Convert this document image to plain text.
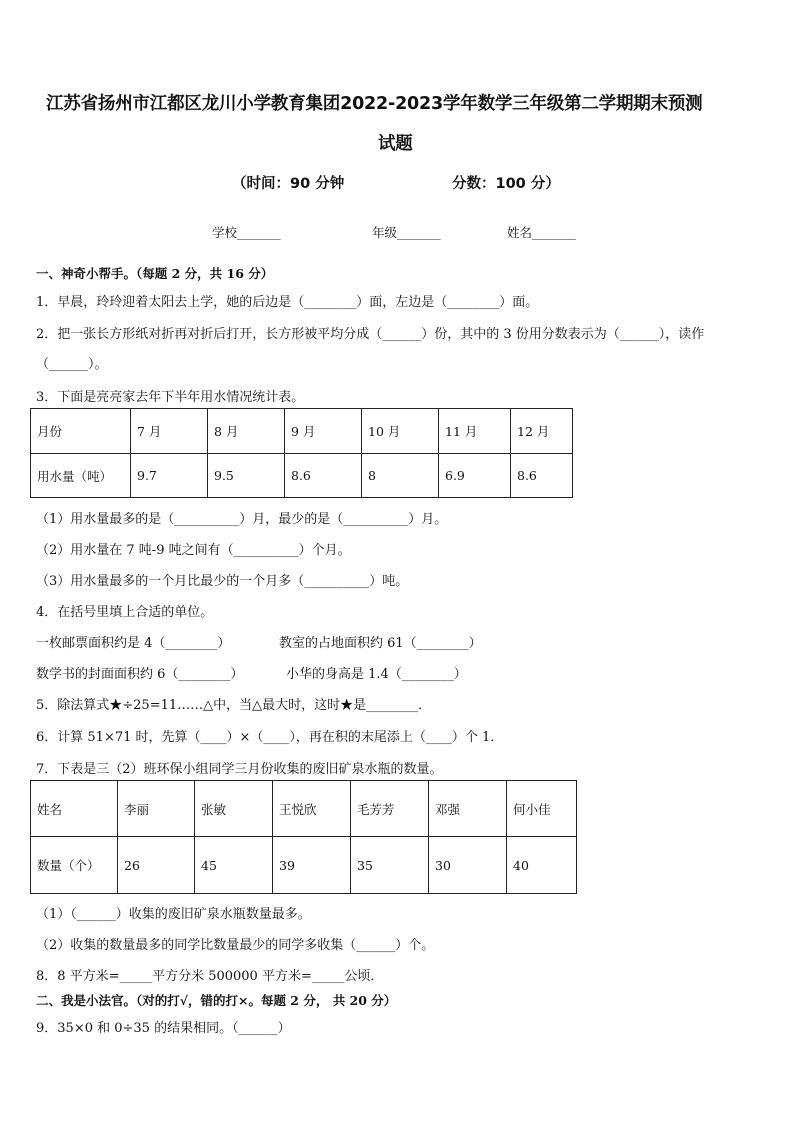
江苏省扬州市江都区龙川小学教育集团2022-2023学年数学三年级第二学期期末预测
试题
（时间：90 分钟	分数：100 分）
学校_______	年级_______	姓名_______
一、神奇小帮手。（每题 2 分，共 16 分）
1．早晨，玲玲迎着太阳去上学，她的后边是（________）面，左边是（________）面。
2．把一张长方形纸对折再对折后打开，长方形被平均分成（______）份，其中的 3 份用分数表示为（______），读作
（______）。
3．下面是亮亮家去年下半年用水情况统计表。
月份	7 月	8 月	9 月	10 月	11 月	12 月
用水量（吨）	9.7	9.5	8.6	8	6.9	8.6
（1）用水量最多的是（__________）月，最少的是（__________）月。
（2）用水量在 7 吨-9 吨之间有（__________）个月。
（3）用水量最多的一个月比最少的一个月多（__________）吨。
4．在括号里填上合适的单位。
一枚邮票面积约是 4（________）	教室的占地面积约 61（________）
数学书的封面面积约 6（________）	小华的身高是 1.4（________）
5．除法算式★÷25=11……△中，当△最大时，这时★是________．
6．计算 51×71 时，先算（____）×（____），再在积的末尾添上（____）个 1．
7．下表是三（2）班环保小组同学三月份收集的废旧矿泉水瓶的数量。
姓名	李丽	张敏	王悦欣	毛芳芳	邓强	何小佳
数量（个）	26	45	39	35	30	40
（1）（______）收集的废旧矿泉水瓶数量最多。
（2）收集的数量最多的同学比数量最少的同学多收集（______）个。
8．8 平方米=_____平方分米 500000 平方米=_____公顷．
二、我是小法官。（对的打√，错的打×。每题 2 分， 共 20 分）
9．35×0 和 0÷35 的结果相同。（______）
